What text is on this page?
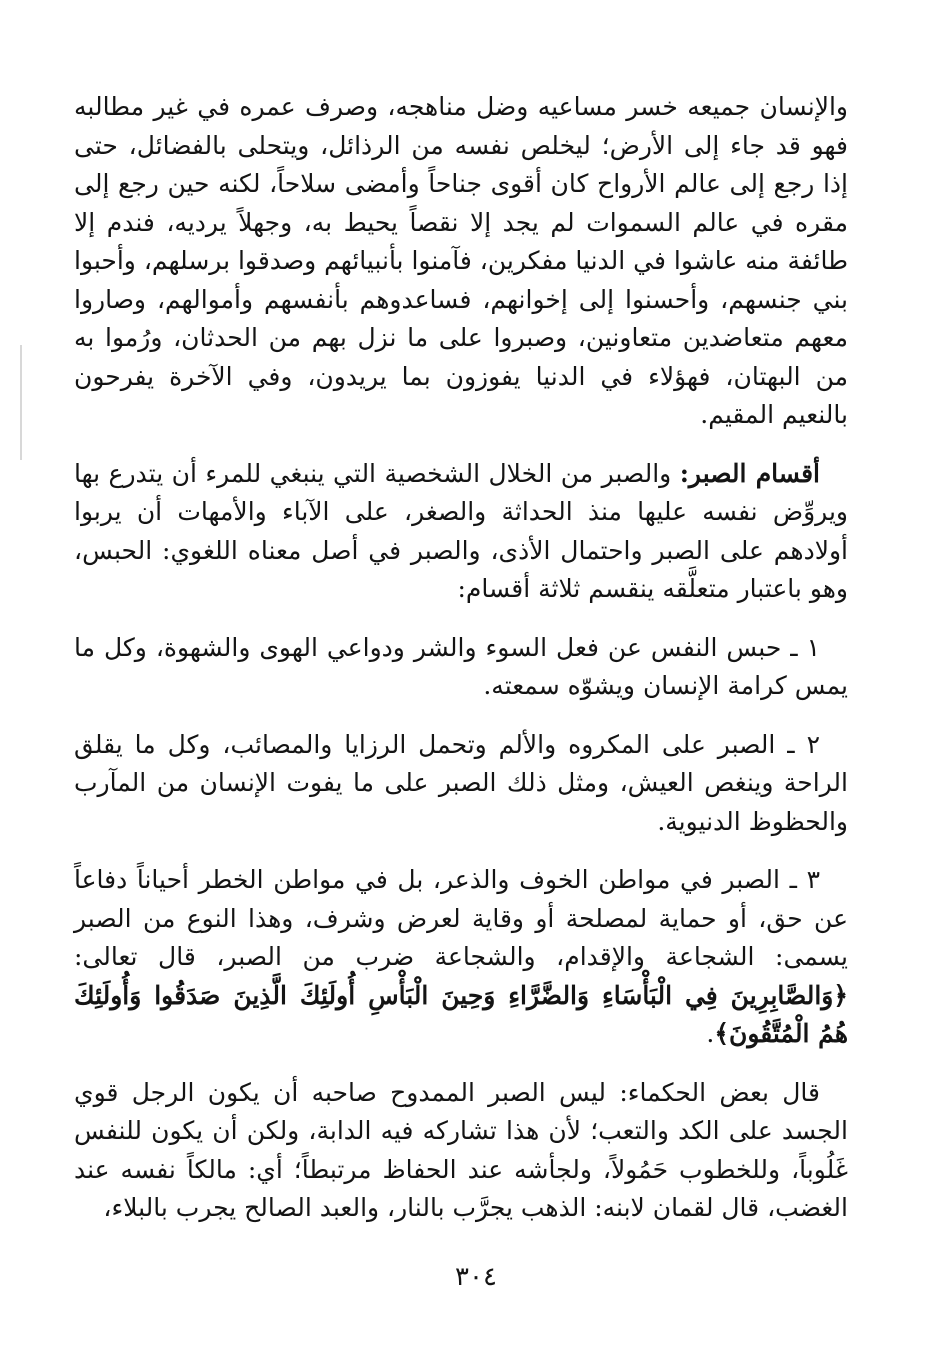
والإنسان جميعه خسر مساعيه وضل مناهجه، وصرف عمره في غير مطالبه فهو قد جاء إلى الأرض؛ ليخلص نفسه من الرذائل، ويتحلى بالفضائل، حتى إذا رجع إلى عالم الأرواح كان أقوى جناحاً وأمضى سلاحاً، لكنه حين رجع إلى مقره في عالم السموات لم يجد إلا نقصاً يحيط به، وجهلاً يرديه، فندم إلا طائفة منه عاشوا في الدنيا مفكرين، فآمنوا بأنبيائهم وصدقوا برسلهم، وأحبوا بني جنسهم، وأحسنوا إلى إخوانهم، فساعدوهم بأنفسهم وأموالهم، وصاروا معهم متعاضدين متعاونين، وصبروا على ما نزل بهم من الحدثان، ورُموا به من البهتان، فهؤلاء في الدنيا يفوزون بما يريدون، وفي الآخرة يفرحون بالنعيم المقيم.

أقسام الصبر: والصبر من الخلال الشخصية التي ينبغي للمرء أن يتدرع بها ويروِّض نفسه عليها منذ الحداثة والصغر، على الآباء والأمهات أن يربوا أولادهم على الصبر واحتمال الأذى، والصبر في أصل معناه اللغوي: الحبس، وهو باعتبار متعلَّقه ينقسم ثلاثة أقسام:

١ ـ حبس النفس عن فعل السوء والشر ودواعي الهوى والشهوة، وكل ما يمس كرامة الإنسان ويشوّه سمعته.

٢ ـ الصبر على المكروه والألم وتحمل الرزايا والمصائب، وكل ما يقلق الراحة وينغص العيش، ومثل ذلك الصبر على ما يفوت الإنسان من المآرب والحظوظ الدنيوية.

٣ ـ الصبر في مواطن الخوف والذعر، بل في مواطن الخطر أحياناً دفاعاً عن حق، أو حماية لمصلحة أو وقاية لعرض وشرف، وهذا النوع من الصبر يسمى: الشجاعة والإقدام، والشجاعة ضرب من الصبر، قال تعالى: ﴿وَالصَّابِرِينَ فِي الْبَأْسَاءِ وَالضَّرَّاءِ وَحِينَ الْبَأْسِ أُولَئِكَ الَّذِينَ صَدَقُوا وَأُولَئِكَ هُمُ الْمُتَّقُونَ﴾.

قال بعض الحكماء: ليس الصبر الممدوح صاحبه أن يكون الرجل قوي الجسد على الكد والتعب؛ لأن هذا تشاركه فيه الدابة، ولكن أن يكون للنفس غَلُوباً، وللخطوب حَمُولاً، ولجأشه عند الحفاظ مرتبطاً؛ أي: مالكاً نفسه عند الغضب، قال لقمان لابنه: الذهب يجرَّب بالنار، والعبد الصالح يجرب بالبلاء،

٣٠٤
